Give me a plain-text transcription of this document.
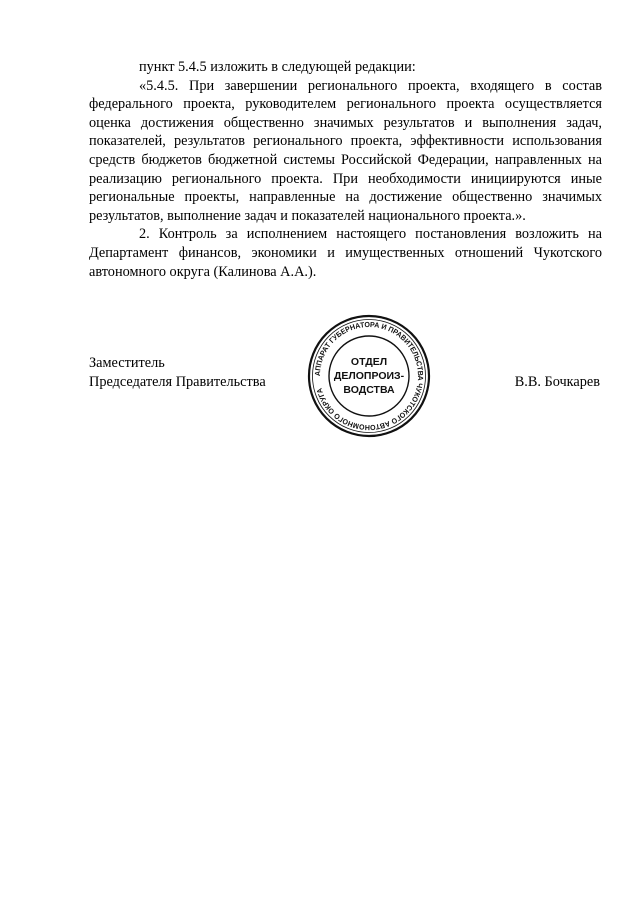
пункт 5.4.5 изложить в следующей редакции:

«5.4.5. При завершении регионального проекта, входящего в состав федерального проекта, руководителем регионального проекта осуществляется оценка достижения общественно значимых результатов и выполнения задач, показателей, результатов регионального проекта, эффективности использования средств бюджетов бюджетной системы Российской Федерации, направленных на реализацию регионального проекта. При необходимости инициируются иные региональные проекты, направленные на достижение общественно значимых результатов, выполнение задач и показателей национального проекта.».

2. Контроль за исполнением настоящего постановления возложить на Департамент финансов, экономики и имущественных отношений Чукотского автономного округа (Калинова А.А.).

Заместитель
Председателя Правительства	В.В. Бочкарев
АППАРАТ ГУБЕРНАТОРА И ПРАВИТЕЛЬСТВА ЧУКОТСКОГО АВТОНОМНОГО ОКРУГА
ОТДЕЛ
ДЕЛОПРОИЗ-
ВОДСТВА
